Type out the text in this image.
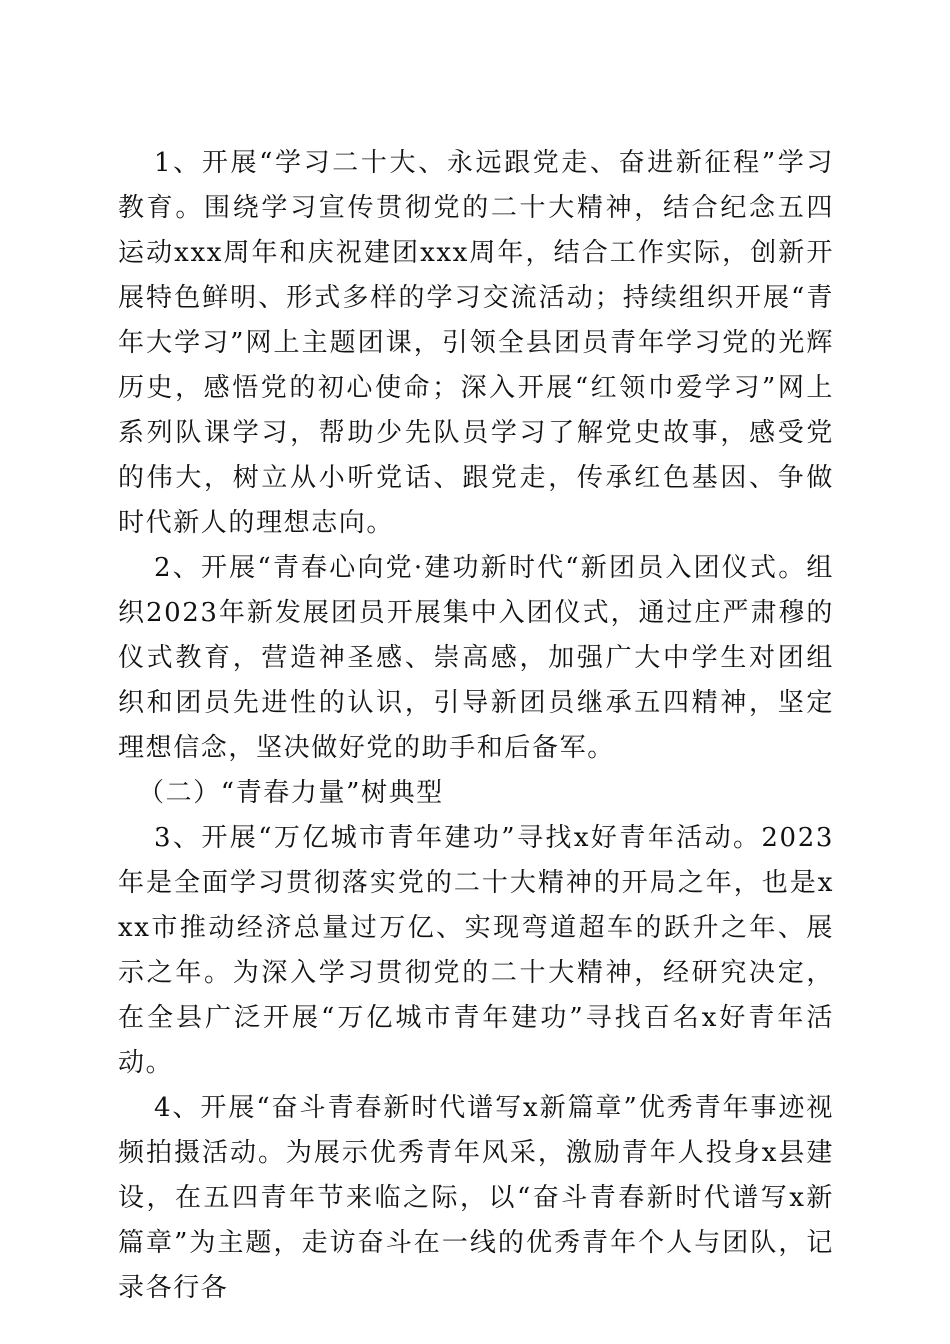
1、开展“学习二十大、永远跟党走、奋进新征程”学习教育。围绕学习宣传贯彻党的二十大精神，结合纪念五四运动xxx周年和庆祝建团xxx周年，结合工作实际，创新开展特色鲜明、形式多样的学习交流活动；持续组织开展“青年大学习”网上主题团课，引领全县团员青年学习党的光辉历史，感悟党的初心使命；深入开展“红领巾爱学习”网上系列队课学习，帮助少先队员学习了解党史故事，感受党的伟大，树立从小听党话、跟党走，传承红色基因、争做时代新人的理想志向。

2、开展“青春心向党·建功新时代“新团员入团仪式。组织2023年新发展团员开展集中入团仪式，通过庄严肃穆的仪式教育，营造神圣感、崇高感，加强广大中学生对团组织和团员先进性的认识，引导新团员继承五四精神，坚定理想信念，坚决做好党的助手和后备军。

（二）“青春力量”树典型

3、开展“万亿城市青年建功”寻找x好青年活动。2023年是全面学习贯彻落实党的二十大精神的开局之年，也是xxx市推动经济总量过万亿、实现弯道超车的跃升之年、展示之年。为深入学习贯彻党的二十大精神，经研究决定，在全县广泛开展“万亿城市青年建功”寻找百名x好青年活动。

4、开展“奋斗青春新时代谱写x新篇章”优秀青年事迹视频拍摄活动。为展示优秀青年风采，激励青年人投身x县建设，在五四青年节来临之际，以“奋斗青春新时代谱写x新篇章”为主题，走访奋斗在一线的优秀青年个人与团队，记录各行各
